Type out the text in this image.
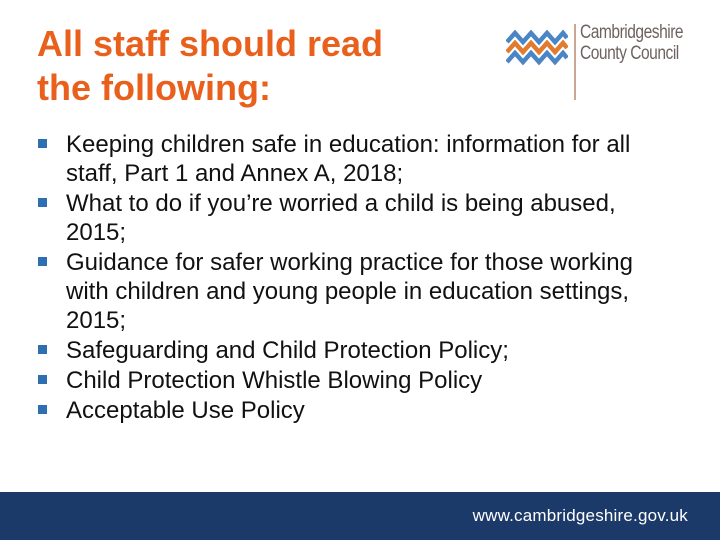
All staff should read
the following:
Cambridgeshire
County Council
Keeping children safe in education: information for all staff, Part 1 and Annex A, 2018;
What to do if you’re worried a child is being abused, 2015;
Guidance for safer working practice for those working with children and young people in education settings, 2015;
Safeguarding and Child Protection Policy;
Child Protection Whistle Blowing Policy
Acceptable Use Policy
www.cambridgeshire.gov.uk
